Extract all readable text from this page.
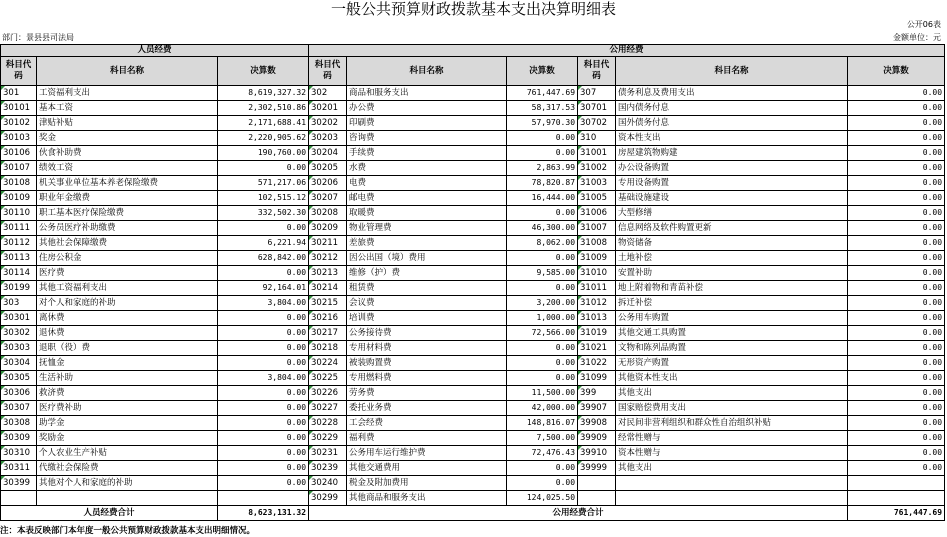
一般公共预算财政拨款基本支出决算明细表
公开06表
金额单位：元
部门：景县县司法局
人员经费			公用经费					
科目代码	科目名称	决算数	科目代码	科目名称	决算数	科目代码	科目名称	决算数
301	工资福利支出	8,619,327.32	302	商品和服务支出	761,447.69	307	债务利息及费用支出	0.00
30101	基本工资	2,302,510.86	30201	办公费	58,317.53	30701	国内债务付息	0.00
30102	津贴补贴	2,171,688.41	30202	印刷费	57,970.30	30702	国外债务付息	0.00
30103	奖金	2,220,905.62	30203	咨询费	0.00	310	资本性支出	0.00
30106	伙食补助费	190,760.00	30204	手续费	0.00	31001	房屋建筑物购建	0.00
30107	绩效工资	0.00	30205	水费	2,863.99	31002	办公设备购置	0.00
30108	机关事业单位基本养老保险缴费	571,217.06	30206	电费	78,820.87	31003	专用设备购置	0.00
30109	职业年金缴费	102,515.12	30207	邮电费	16,444.00	31005	基础设施建设	0.00
30110	职工基本医疗保险缴费	332,502.30	30208	取暖费	0.00	31006	大型修缮	0.00
30111	公务员医疗补助缴费	0.00	30209	物业管理费	46,300.00	31007	信息网络及软件购置更新	0.00
30112	其他社会保障缴费	6,221.94	30211	差旅费	8,062.00	31008	物资储备	0.00
30113	住房公积金	628,842.00	30212	因公出国（境）费用	0.00	31009	土地补偿	0.00
30114	医疗费	0.00	30213	维修（护）费	9,585.00	31010	安置补助	0.00
30199	其他工资福利支出	92,164.01	30214	租赁费	0.00	31011	地上附着物和青苗补偿	0.00
303	对个人和家庭的补助	3,804.00	30215	会议费	3,200.00	31012	拆迁补偿	0.00
30301	离休费	0.00	30216	培训费	1,000.00	31013	公务用车购置	0.00
30302	退休费	0.00	30217	公务接待费	72,566.00	31019	其他交通工具购置	0.00
30303	退职（役）费	0.00	30218	专用材料费	0.00	31021	文物和陈列品购置	0.00
30304	抚恤金	0.00	30224	被装购置费	0.00	31022	无形资产购置	0.00
30305	生活补助	3,804.00	30225	专用燃料费	0.00	31099	其他资本性支出	0.00
30306	救济费	0.00	30226	劳务费	11,500.00	399	其他支出	0.00
30307	医疗费补助	0.00	30227	委托业务费	42,000.00	39907	国家赔偿费用支出	0.00
30308	助学金	0.00	30228	工会经费	148,816.07	39908	对民间非营利组织和群众性自治组织补贴	0.00
30309	奖励金	0.00	30229	福利费	7,500.00	39909	经常性赠与	0.00
30310	个人农业生产补贴	0.00	30231	公务用车运行维护费	72,476.43	39910	资本性赠与	0.00
30311	代缴社会保险费	0.00	30239	其他交通费用	0.00	39999	其他支出	0.00
30399	其他对个人和家庭的补助	0.00	30240	税金及附加费用	0.00			
			30299	其他商品和服务支出	124,025.50			
人员经费合计		8,623,131.32	公用经费合计					761,447.69
注：本表反映部门本年度一般公共预算财政拨款基本支出明细情况。
